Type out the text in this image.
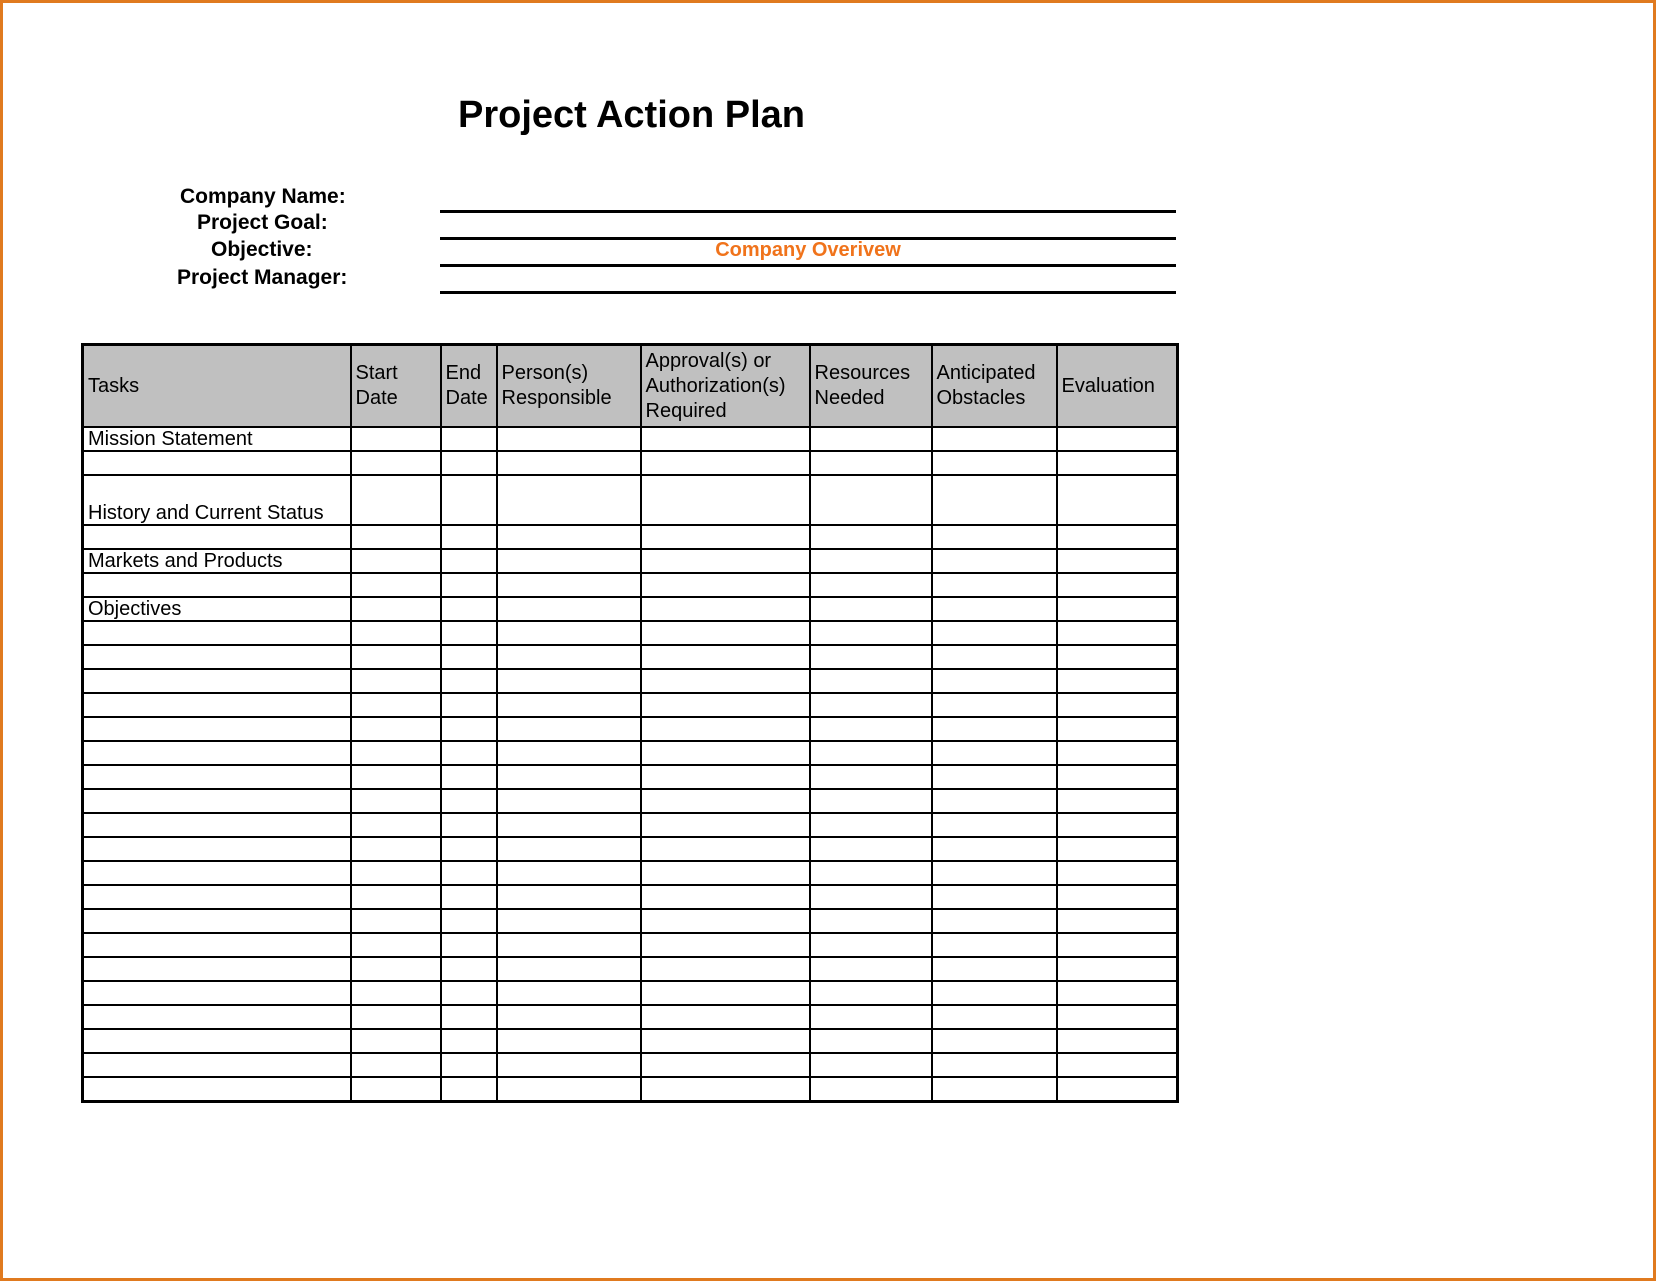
Project Action Plan
Company Name:
Project Goal:
Objective:
Project Manager:
Company Overivew
Tasks	Start Date	End Date	Person(s) Responsible	Approval(s) or Authorization(s) Required	Resources Needed	Anticipated Obstacles	Evaluation
Mission Statement							

History and Current Status							

Markets and Products							

Objectives							
